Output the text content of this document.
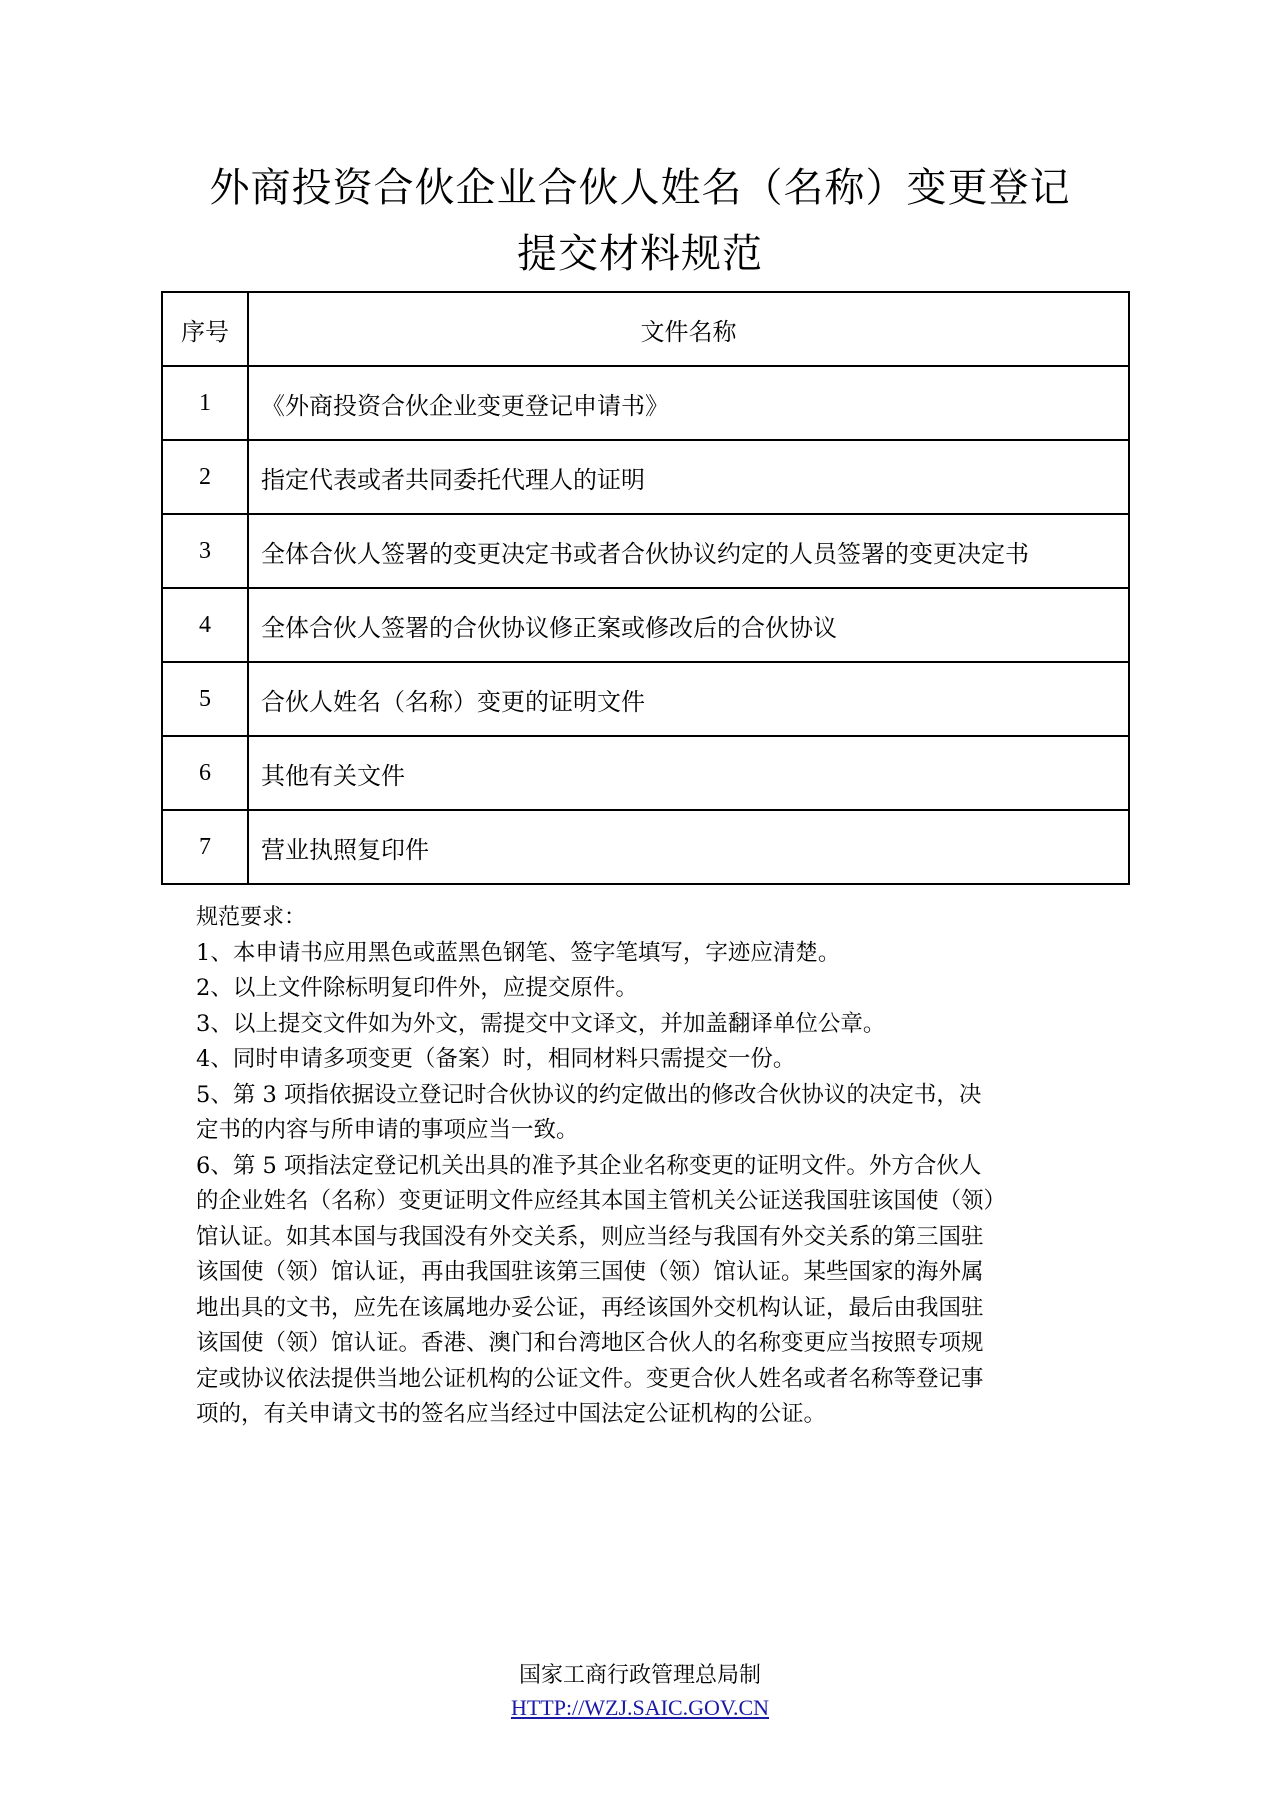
外商投资合伙企业合伙人姓名（名称）变更登记
提交材料规范
序号	文件名称
1	《外商投资合伙企业变更登记申请书》
2	指定代表或者共同委托代理人的证明
3	全体合伙人签署的变更决定书或者合伙协议约定的人员签署的变更决定书
4	全体合伙人签署的合伙协议修正案或修改后的合伙协议
5	合伙人姓名（名称）变更的证明文件
6	其他有关文件
7	营业执照复印件

规范要求：

1、本申请书应用黑色或蓝黑色钢笔、签字笔填写，字迹应清楚。

2、以上文件除标明复印件外，应提交原件。

3、以上提交文件如为外文，需提交中文译文，并加盖翻译单位公章。

4、同时申请多项变更（备案）时，相同材料只需提交一份。

5、第 3 项指依据设立登记时合伙协议的约定做出的修改合伙协议的决定书，决

定书的内容与所申请的事项应当一致。

6、第 5 项指法定登记机关出具的准予其企业名称变更的证明文件。外方合伙人

的企业姓名（名称）变更证明文件应经其本国主管机关公证送我国驻该国使（领）

馆认证。如其本国与我国没有外交关系，则应当经与我国有外交关系的第三国驻

该国使（领）馆认证，再由我国驻该第三国使（领）馆认证。某些国家的海外属

地出具的文书，应先在该属地办妥公证，再经该国外交机构认证，最后由我国驻

该国使（领）馆认证。香港、澳门和台湾地区合伙人的名称变更应当按照专项规

定或协议依法提供当地公证机构的公证文件。变更合伙人姓名或者名称等登记事

项的，有关申请文书的签名应当经过中国法定公证机构的公证。

国家工商行政管理总局制
HTTP://WZJ.SAIC.GOV.CN
